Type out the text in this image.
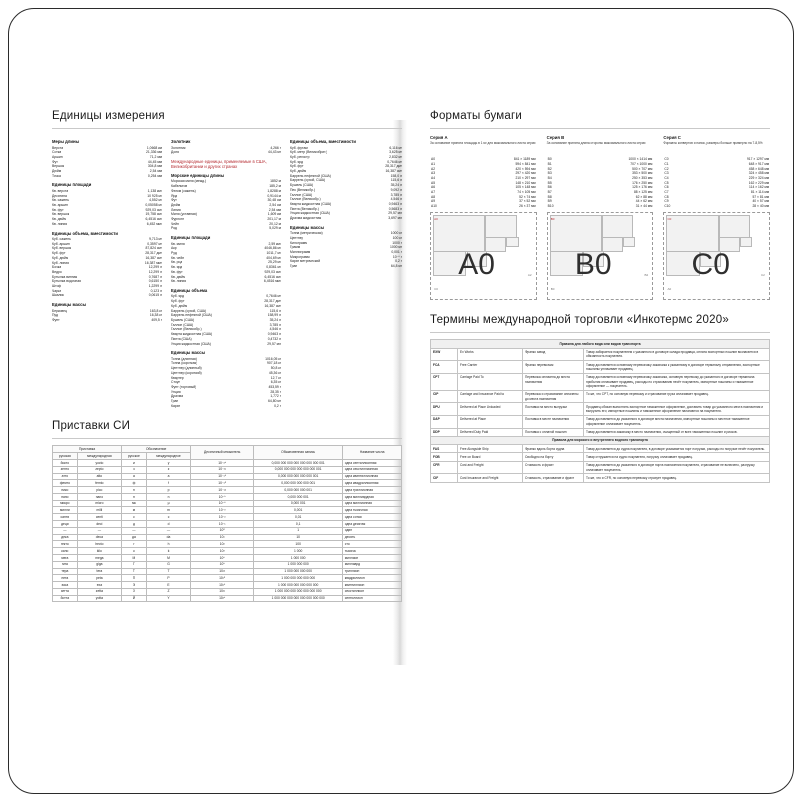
Единицы измерения
Меры длины
Верста	1,0668 км
Сотка	21,336 мм
Аршин	71,2 мм
Фут	44,45 мм
Вершок	304,8 мм
Дюйм	2,54 мм
Точка	0,254 мм
Единицы площади
Кв. верста	1,138 км²
Десятина	10 925 м²
Кв. сажень	4,552 м²
Кв. аршин	0,05058 м²
Кв. фут	929,03 см²
Кв. вершок	19,758 см²
Кв. дюйм	6,4516 см²
Кв. линия	6,452 мм²
Единицы объема, вместимости
Куб. сажень	9,713 м³
Куб. аршин	0,3597 м³
Куб. вершок	87,824 см³
Куб. фут	28,317 дм³
Куб. дюйм	16,387 см³
Куб. линия	16,387 мм³
Бочка	12,299 л
Ведро	12,299 л
Бутылка винная	0,7687 л
Бутылка водочная	0,6150 л
Штоф	1,2299 л
Чарка	0,123 л
Шкалик	0,0615 л
Единицы массы
Берковец	163,8 кг
Пуд	16,38 кг
Фунт	409,5 г
Золотник
Золотник	4,266 г
Доля	44,43 мг
Международные единицы, применяемые в США, Великобритании и других странах
Морские единицы длины
Морская миля (межд.)	1852 м
Кабельтов	185,2 м
Фатом (сажень)	1,8288 м
Ярд	0,9144 м
Фут	30,48 см
Дюйм	2,54 см
Линия	2,54 мм
Миля (уставная)	1,609 км
Фурлонг	201,17 м
Чейн	20,12 м
Род	5,029 м
Единицы площади
Кв. миля	2,59 км²
Акр	4046,86 м²
Руд	1011,7 м²
Кв. чейн	404,69 м²
Кв. род	25,29 м²
Кв. ярд	0,8361 м²
Кв. фут	929,03 см²
Кв. дюйм	6,4516 см²
Кв. линия	6,4516 мм²
Единицы объема
Куб. ярд	0,7646 м³
Куб. фут	28,317 дм³
Куб. дюйм	16,387 см³
Баррель (сухой, США)	115,6 л
Баррель нефтяной (США)	158,99 л
Бушель (США)	35,24 л
Галлон (США)	3,785 л
Галлон (Великобр.)	4,546 л
Кварта жидкостная (США)	0,9463 л
Пинта (США)	0,4732 л
Унция жидкостная (США)	29,57 мл
Единицы массы
Тонна (длинная)	1016,05 кг
Тонна (короткая)	907,18 кг
Центнер (длинный)	50,8 кг
Центнер (короткий)	45,36 кг
Квартер	12,7 кг
Стоун	6,35 кг
Фунт (торговый)	453,59 г
Унция	28,35 г
Драхма	1,772 г
Гран	64,80 мг
Карат	0,2 г
Единицы объема, вместимости
Куб. футам	6,116 м³
Куб. метр (Великобрит.)	3,625 м³
Куб. регистр	2,832 м³
Куб. ярд	0,7646 м³
Куб. фут	28,317 дм³
Куб. дюйм	16,387 см³
Баррель нефтяной (США)	158,0 л
Баррель (сухой, США)	115,6 л
Бушель (США)	35,24 л
Пек (Великобр.)	9,092 л
Галлон (США)	3,785 л
Галлон (Великобр.)	4,546 л
Кварта жидкостная (США)	0,9463 л
Пинта (Великобр.)	0,5683 л
Унция жидкостная (США)	29,57 мл
Драхма жидкостная	3,697 мл
Единицы массы
Тонна (метрическая)	1000 кг
Центнер	100 кг
Килограмм	1000 г
Грамм	1000 мг
Миллиграмм	0,001 г
Микрограмм	10⁻⁶ г
Карат метрический	0,2 г
Гран	64,8 мг
Приставки СИ
Приставка		Обозначение		Десятичный множитель	Обыкновенная запись	Название числа
русская	международная	русское	международное			
йокто	yocto	и	y	10⁻²⁴	0,000 000 000 000 000 000 000 001	одна септиллионная
зепто	zepto	з	z	10⁻²¹	0,000 000 000 000 000 000 001	одна секстиллионная
атто	atto	а	a	10⁻¹⁸	0,000 000 000 000 000 001	одна квинтиллионная
фемто	femto	ф	f	10⁻¹⁵	0,000 000 000 000 001	одна квадриллионная
пико	pico	п	p	10⁻¹²	0,000 000 000 001	одна триллионная
нано	nano	н	n	10⁻⁹	0,000 000 001	одна миллиардная
микро	micro	мк	µ	10⁻⁶	0,000 001	одна миллионная
милли	milli	м	m	10⁻³	0,001	одна тысячная
санти	centi	с	c	10⁻²	0,01	одна сотая
деци	deci	д	d	10⁻¹	0,1	одна десятая
—	—	—	—	10⁰	1	один
дека	deca	да	da	10¹	10	десять
гекто	hecto	г	h	10²	100	сто
кило	kilo	к	k	10³	1 000	тысяча
мега	mega	М	M	10⁶	1 000 000	миллион
гига	giga	Г	G	10⁹	1 000 000 000	миллиард
тера	tera	Т	T	10¹²	1 000 000 000 000	триллион
пета	peta	П	P	10¹⁵	1 000 000 000 000 000	квадриллион
экса	exa	Э	E	10¹⁸	1 000 000 000 000 000 000	квинтиллион
зетта	zetta	З	Z	10²¹	1 000 000 000 000 000 000 000	секстиллион
йотта	yotta	Й	Y	10²⁴	1 000 000 000 000 000 000 000 000	септиллион
Форматы бумаги
Серия A
За основание принята площадь в 1 м² для максимального листа серии
A0	841 × 1189 мм
A1	594 × 841 мм
A2	420 × 594 мм
A3	297 × 420 мм
A4	210 × 297 мм
A5	148 × 210 мм
A6	105 × 148 мм
A7	74 × 105 мм
A8	52 × 74 мм
A9	37 × 52 мм
A10	26 × 37 мм
A0
A0
C0
A2
Серия B
За основание принята длина стороны максимального листа серии
B0	1000 × 1414 мм
B1	707 × 1000 мм
B2	500 × 707 мм
B3	353 × 500 мм
B4	250 × 353 мм
B5	176 × 250 мм
B6	125 × 176 мм
B7	88 × 125 мм
B8	62 × 88 мм
B9	44 × 62 мм
B10	31 × 44 мм
B0
B0
B0
B2
Серия C
Форматы конвертов и папок, размеры больше примерно на 7-8,5%
C0	917 × 1297 мм
C1	648 × 917 мм
C2	458 × 648 мм
C3	324 × 458 мм
C4	229 × 324 мм
C5	162 × 229 мм
C6	114 × 162 мм
C7	81 × 114 мм
C8	57 × 81 мм
C9	40 × 57 мм
C10	28 × 40 мм
C0
C0
A0
C2
Термины международной торговли «Инкотермс 2020»
Правила для любого вида или видов транспорта			
EXW	Ex Works	Франко завод	Товар забирается покупателем с указанного в договоре склада продавца, оплата экспортных пошлин возлагается в обязанность покупателя.
FCA	Free Carrier	Франко перевозчик	Товар доставляется основному перевозчику заказчика к указанному в договоре терминалу отправления, экспортные пошлины уплачивает продавец.
CPT	Carriage Paid To	Перевозка оплачена до места назначения	Товар доставляется основному перевозчику заказчика, основную перевозку до указанного в договоре терминала прибытия оплачивает продавец, расходы по страхованию несёт покупатель, импортные пошлины и таможенное оформление — покупатель.
CIP	Carriage and Insurance Paid to	Перевозка и страхование оплачены до места назначения	То же, что CPT, но основную перевозку и страхование груза оплачивает продавец.
DPU	Delivered at Place Unloaded	Поставка на место выгрузки	Продавец обязан выполнить экспортное таможенное оформление, доставить товар до указанного места назначения и выгрузить его; импортные пошлины и таможенное оформление налагаются на покупателя.
DAP	Delivered at Place	Поставка в месте назначения	Товар доставляется до указанного в договоре места назначения, импортные пошлины и местное таможенное оформление оплачивает покупатель.
DDP	Delivered Duty Paid	Поставка с оплатой пошлин	Товар доставляется заказчику в место назначения, очищенный от всех таможенных пошлин и рисков.
Правила для морского и внутреннего водного транспорта			
FAS	Free Alongside Ship	Франко вдоль борта судна	Товар доставляется до судна покупателя, в договоре указывается порт погрузки, расходы по погрузке несёт покупатель.
FOB	Free on Board	Свободно на борту	Товар отгружается на судно покупателя, погрузку оплачивает продавец.
CFR	Cost and Freight	Стоимость и фрахт	Товар доставляется до указанного в договоре порта назначения покупателя, страхование не включено, разгрузку оплачивает покупатель.
CIF	Cost Insurance and Freight	Стоимость, страхование и фрахт	То же, что и CFR, но основную перевозку страхует продавец.
